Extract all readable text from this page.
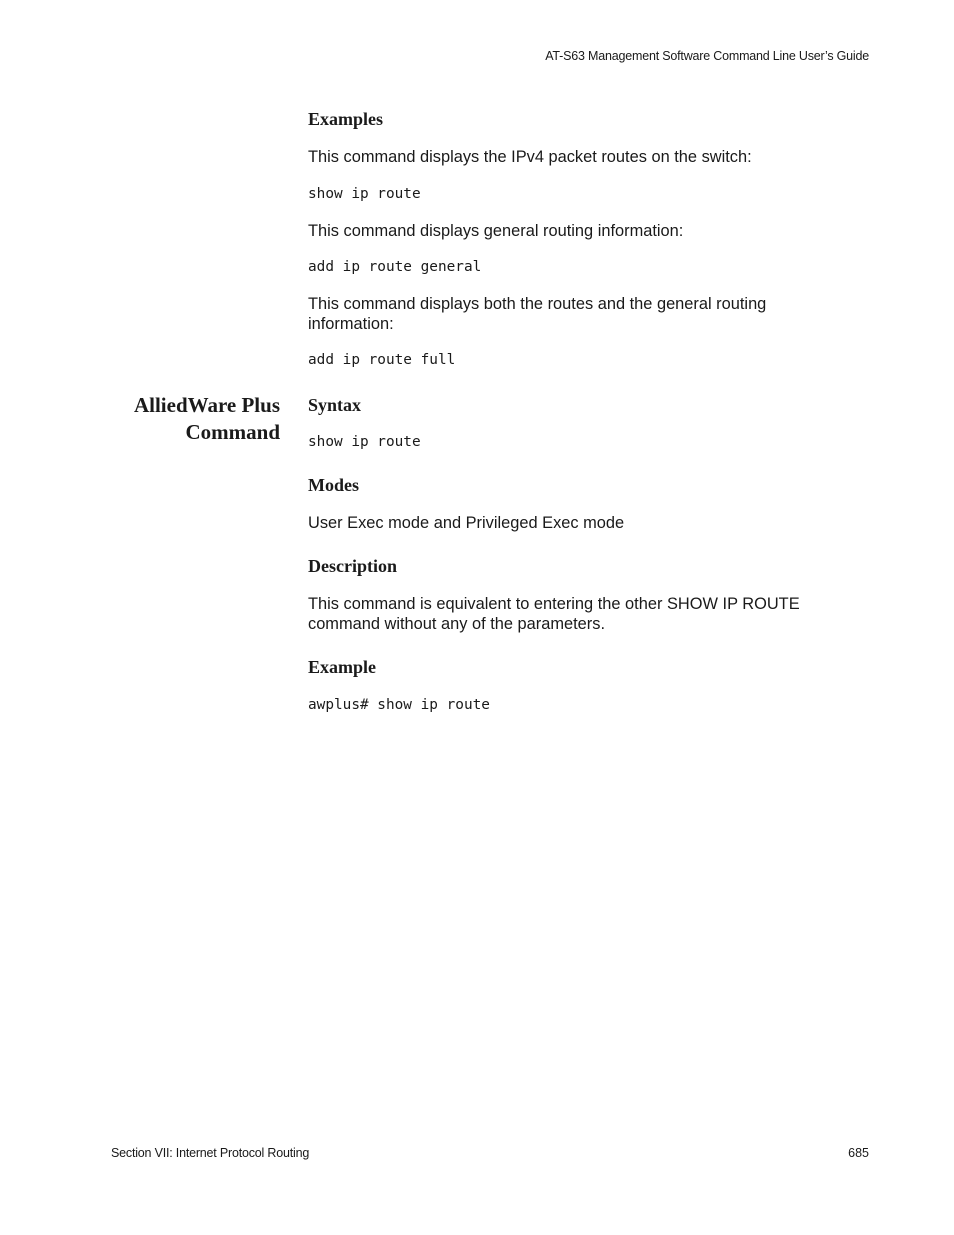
AT-S63 Management Software Command Line User’s Guide
Examples
This command displays the IPv4 packet routes on the switch:
show ip route
This command displays general routing information:
add ip route general
This command displays both the routes and the general routing information:
add ip route full
AlliedWare Plus
Command
Syntax
show ip route
Modes
User Exec mode and Privileged Exec mode
Description
This command is equivalent to entering the other SHOW IP ROUTE command without any of the parameters.
Example
awplus# show ip route
Section VII: Internet Protocol Routing	685
